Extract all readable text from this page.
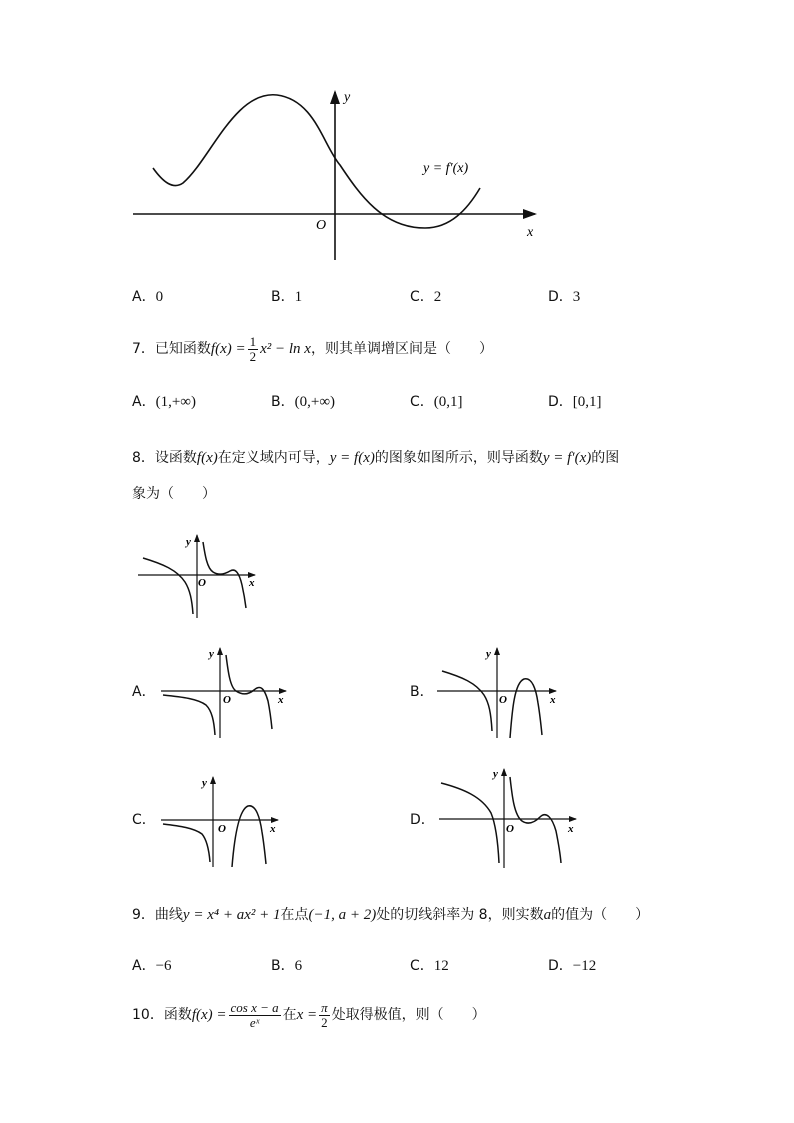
y
x
O
y = f′(x)
A．0	B．1	C．2	D．3
7．已知函数$f(x) = \frac{1}{2} x^2 - \ln x$，则其单调增区间是（　　）
A．(1,+∞)	B．(0,+∞)	C．(0,1]	D．[0,1]
8．设函数f(x)在定义域内可导，y = f(x)的图象如图所示，则导函数y = f′(x)的图
象为（　　）
y
x
O
A．
y
x
O	B．
y
x
O
C．
y
x
O
D．
y
x
O
9．曲线y = x⁴ + ax² + 1在点(−1, a + 2)处的切线斜率为 8，则实数a的值为（　　）
A．−6	B．6	C．12	D．−12
10．函数$f(x) = \frac{\text{cos x − a}}{\text{eˣ}}$ 在$x = \frac{\pi}{2}$ 处取得极值，则（　　）
